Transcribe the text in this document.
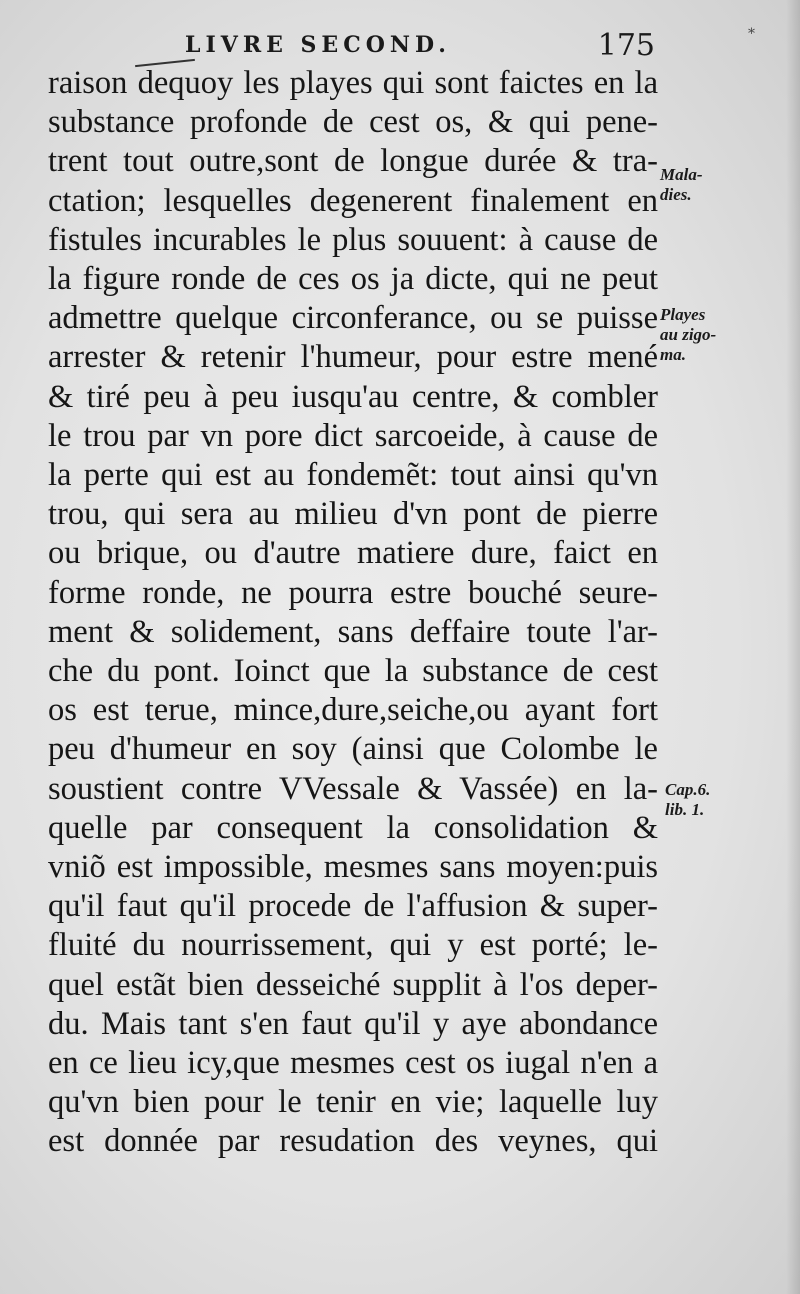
LIVRE SECOND.	175	*
raison dequoy les playes qui sont faictes en la
substance profonde de cest os, & qui pene-
trent tout outre,sont de longue durée & tra-
ctation; lesquelles degenerent finalement en
fistules incurables le plus souuent: à cause de
la figure ronde de ces os ja dicte, qui ne peut
admettre quelque circonferance, ou se puisse
arrester & retenir l'humeur, pour estre mené
& tiré peu à peu iusqu'au centre, & combler
le trou par vn pore dict sarcoeide, à cause de
la perte qui est au fondemẽt: tout ainsi qu'vn
trou, qui sera au milieu d'vn pont de pierre
ou brique, ou d'autre matiere dure, faict en
forme ronde, ne pourra estre bouché seure-
ment & solidement, sans deffaire toute l'ar-
che du pont. Ioinct que la substance de cest
os est terue, mince,dure,seiche,ou ayant fort
peu d'humeur en soy (ainsi que Colombe le
soustient contre VVessale & Vassée) en la-
quelle par consequent la consolidation &
vniõ est impossible, mesmes sans moyen:puis
qu'il faut qu'il procede de l'affusion & super-
fluité du nourrissement, qui y est porté; le-
quel estãt bien desseiché supplit à l'os deper-
du. Mais tant s'en faut qu'il y aye abondance
en ce lieu icy,que mesmes cest os iugal n'en a
qu'vn bien pour le tenir en vie; laquelle luy
est donnée par resudation des veynes, qui
Mala-
dies.
Playes
au zigo-
ma.
Cap.6.
lib. 1.
